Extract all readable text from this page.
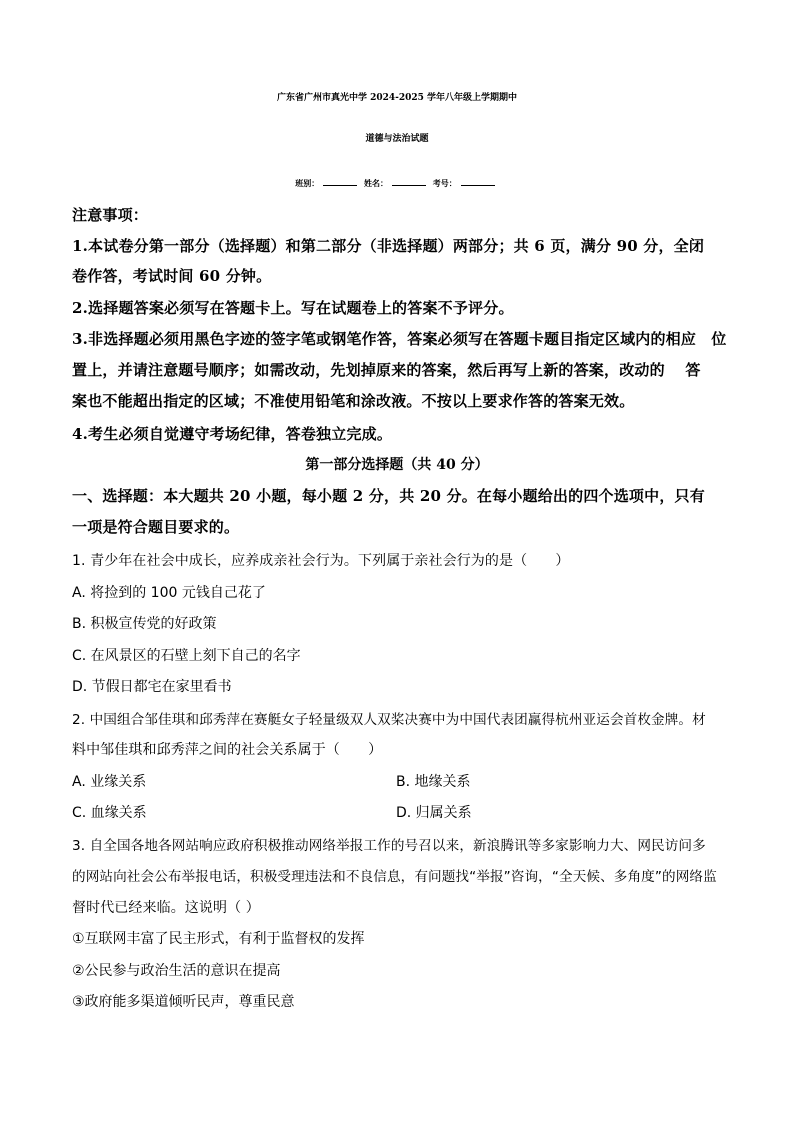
广东省广州市真光中学 2024-2025 学年八年级上学期期中
道德与法治试题
班别：	姓名：	考号：
注意事项：
1.本试卷分第一部分（选择题）和第二部分（非选择题）两部分；共 6 页，满分 90 分，全闭
卷作答，考试时间 60 分钟。
2.选择题答案必须写在答题卡上。写在试题卷上的答案不予评分。
3.非选择题必须用黑色字迹的签字笔或钢笔作答，答案必须写在答题卡题目指定区域内的相应　位
置上，并请注意题号顺序；如需改动，先划掉原来的答案，然后再写上新的答案，改动的　 答
案也不能超出指定的区域；不准使用铅笔和涂改液。不按以上要求作答的答案无效。
4.考生必须自觉遵守考场纪律，答卷独立完成。
第一部分选择题（共 40 分）
一、选择题：本大题共 20 小题，每小题 2 分，共 20 分。在每小题给出的四个选项中，只有
一项是符合题目要求的。
1. 青少年在社会中成长，应养成亲社会行为。下列属于亲社会行为的是（　　）
A. 将捡到的 100 元钱自己花了
B. 积极宣传党的好政策
C. 在风景区的石壁上刻下自己的名字
D. 节假日都宅在家里看书
2. 中国组合邹佳琪和邱秀萍在赛艇女子轻量级双人双桨决赛中为中国代表团赢得杭州亚运会首枚金牌。材
料中邹佳琪和邱秀萍之间的社会关系属于（　　）
A. 业缘关系	B. 地缘关系
C. 血缘关系	D. 归属关系
3. 自全国各地各网站响应政府积极推动网络举报工作的号召以来，新浪腾讯等多家影响力大、网民访问多
的网站向社会公布举报电话，积极受理违法和不良信息，有问题找“举报”咨询，“全天候、多角度”的网络监
督时代已经来临。这说明（ ）
①互联网丰富了民主形式，有利于监督权的发挥
②公民参与政治生活的意识在提高
③政府能多渠道倾听民声，尊重民意
